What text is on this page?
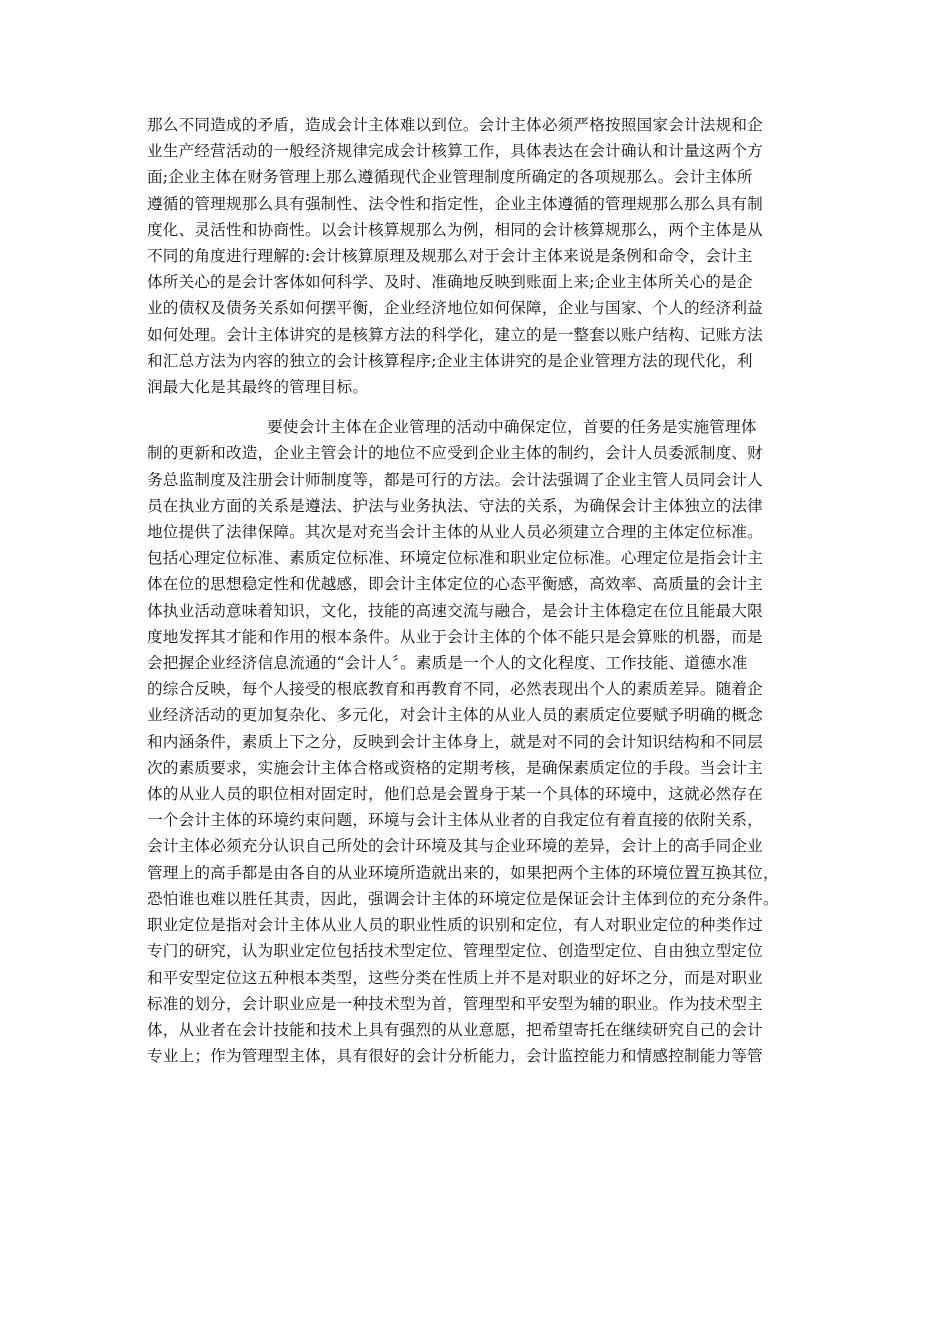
那么不同造成的矛盾，造成会计主体难以到位。会计主体必须严格按照国家会计法规和企
业生产经营活动的一般经济规律完成会计核算工作，具体表达在会计确认和计量这两个方
面;企业主体在财务管理上那么遵循现代企业管理制度所确定的各项规那么。会计主体所
遵循的管理规那么具有强制性、法令性和指定性，企业主体遵循的管理规那么那么具有制
度化、灵活性和协商性。以会计核算规那么为例，相同的会计核算规那么，两个主体是从
不同的角度进行理解的:会计核算原理及规那么对于会计主体来说是条例和命令，会计主
体所关心的是会计客体如何科学、及时、准确地反映到账面上来;企业主体所关心的是企
业的债权及债务关系如何摆平衡，企业经济地位如何保障，企业与国家、个人的经济利益
如何处理。会计主体讲究的是核算方法的科学化，建立的是一整套以账户结构、记账方法
和汇总方法为内容的独立的会计核算程序;企业主体讲究的是企业管理方法的现代化，利
润最大化是其最终的管理目标。

要使会计主体在企业管理的活动中确保定位，首要的任务是实施管理体
制的更新和改造，企业主管会计的地位不应受到企业主体的制约，会计人员委派制度、财
务总监制度及注册会计师制度等，都是可行的方法。会计法强调了企业主管人员同会计人
员在执业方面的关系是遵法、护法与业务执法、守法的关系，为确保会计主体独立的法律
地位提供了法律保障。其次是对充当会计主体的从业人员必须建立合理的主体定位标准。
包括心理定位标准、素质定位标准、环境定位标准和职业定位标准。心理定位是指会计主
体在位的思想稳定性和优越感，即会计主体定位的心态平衡感，高效率、高质量的会计主
体执业活动意味着知识，文化，技能的高速交流与融合，是会计主体稳定在位且能最大限
度地发挥其才能和作用的根本条件。从业于会计主体的个体不能只是会算账的机器，而是
会把握企业经济信息流通的“会计人〞。素质是一个人的文化程度、工作技能、道德水准
的综合反映，每个人接受的根底教育和再教育不同，必然表现出个人的素质差异。随着企
业经济活动的更加复杂化、多元化，对会计主体的从业人员的素质定位要赋予明确的概念
和内涵条件，素质上下之分，反映到会计主体身上，就是对不同的会计知识结构和不同层
次的素质要求，实施会计主体合格或资格的定期考核，是确保素质定位的手段。当会计主
体的从业人员的职位相对固定时，他们总是会置身于某一个具体的环境中，这就必然存在
一个会计主体的环境约束问题，环境与会计主体从业者的自我定位有着直接的依附关系，
会计主体必须充分认识自己所处的会计环境及其与企业环境的差异，会计上的高手同企业
管理上的高手都是由各自的从业环境所造就出来的，如果把两个主体的环境位置互换其位，
恐怕谁也难以胜任其责，因此，强调会计主体的环境定位是保证会计主体到位的充分条件。
职业定位是指对会计主体从业人员的职业性质的识别和定位，有人对职业定位的种类作过
专门的研究，认为职业定位包括技术型定位、管理型定位、创造型定位、自由独立型定位
和平安型定位这五种根本类型，这些分类在性质上并不是对职业的好坏之分，而是对职业
标准的划分，会计职业应是一种技术型为首，管理型和平安型为辅的职业。作为技术型主
体，从业者在会计技能和技术上具有强烈的从业意愿，把希望寄托在继续研究自己的会计
专业上；作为管理型主体，具有很好的会计分析能力，会计监控能力和情感控制能力等管
